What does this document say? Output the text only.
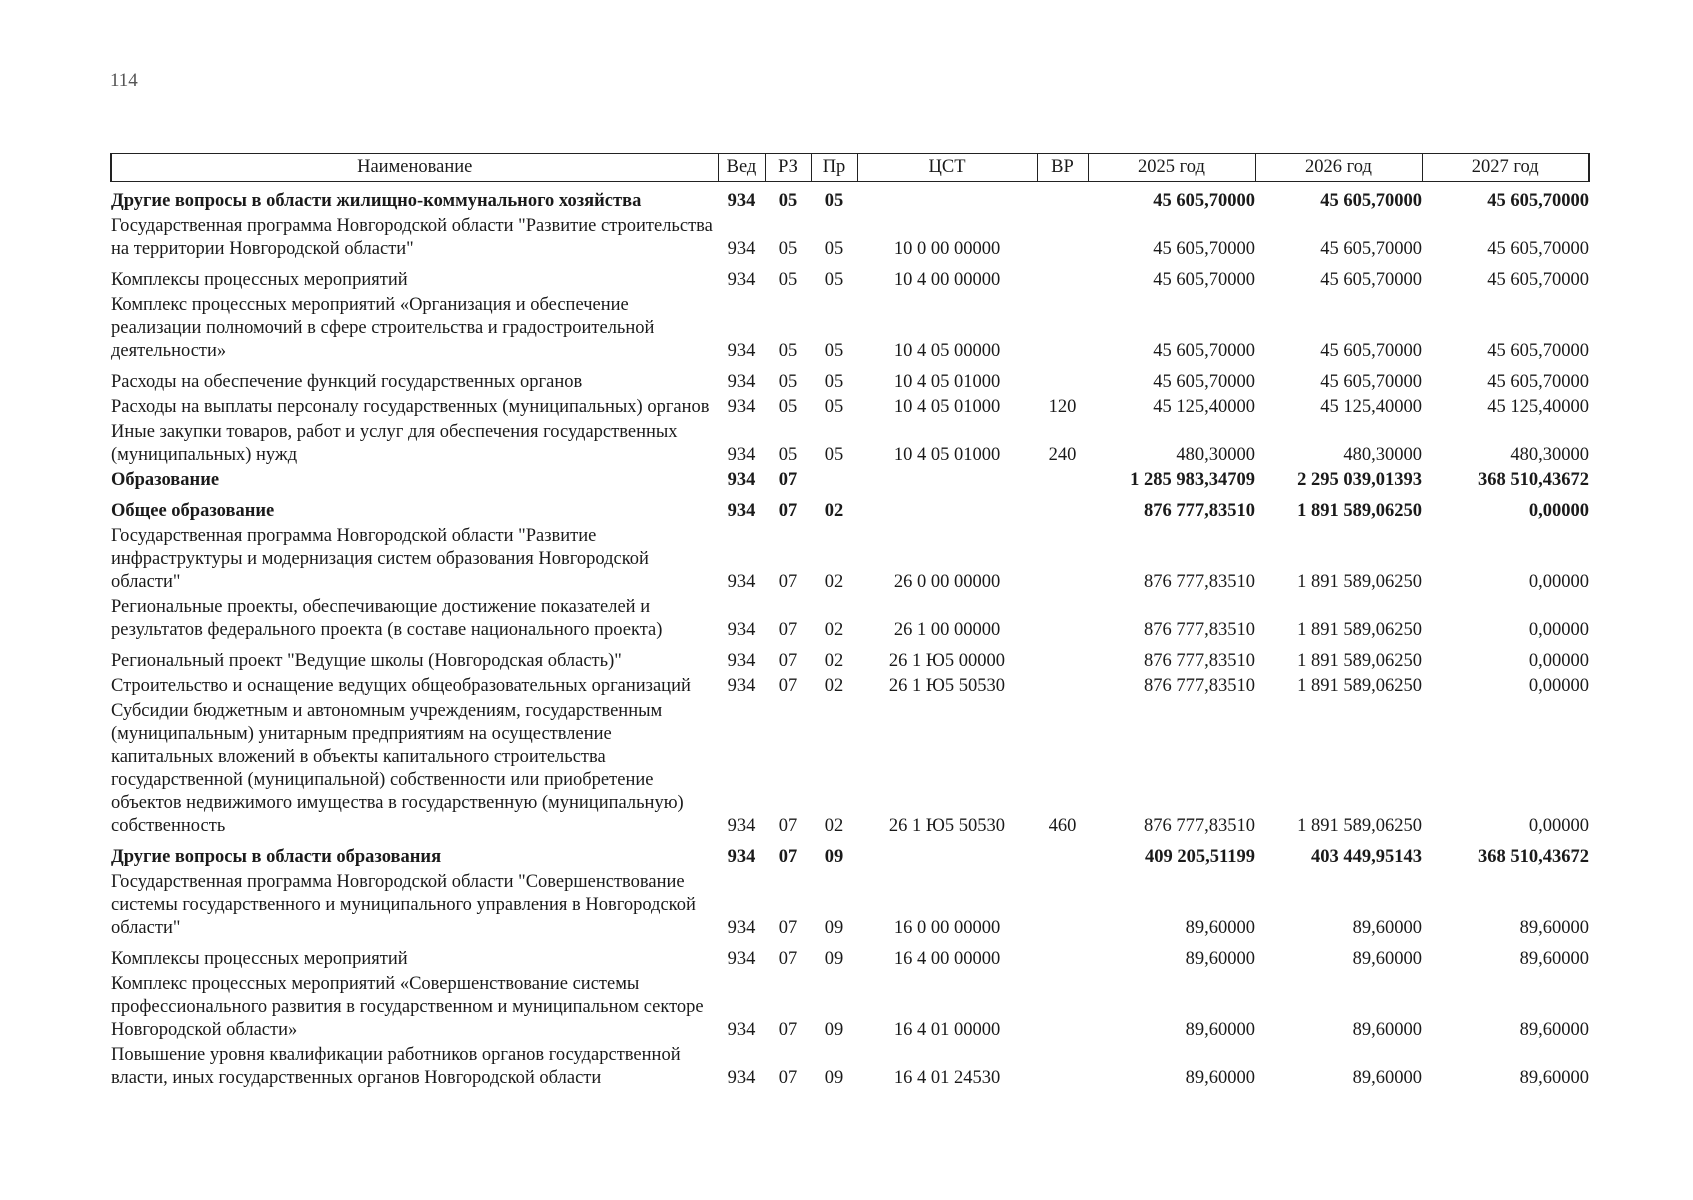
114
Наименование	Вед	РЗ	Пр	ЦСТ	ВР	2025 год	2026 год	2027 год

Другие вопросы в области жилищно-коммунального хозяйства	934	05	05			45 605,70000	45 605,70000	45 605,70000
Государственная программа Новгородской области "Развитие строительства на территории Новгородской области"	934	05	05	10 0 00 00000		45 605,70000	45 605,70000	45 605,70000
Комплексы процессных мероприятий	934	05	05	10 4 00 00000		45 605,70000	45 605,70000	45 605,70000
Комплекс процессных мероприятий «Организация и обеспечение реализации полномочий в сфере строительства и градостроительной деятельности»	934	05	05	10 4 05 00000		45 605,70000	45 605,70000	45 605,70000
Расходы на обеспечение функций государственных органов	934	05	05	10 4 05 01000		45 605,70000	45 605,70000	45 605,70000
Расходы на выплаты персоналу государственных (муниципальных) органов	934	05	05	10 4 05 01000	120	45 125,40000	45 125,40000	45 125,40000
Иные закупки товаров, работ и услуг для обеспечения государственных (муниципальных) нужд	934	05	05	10 4 05 01000	240	480,30000	480,30000	480,30000
Образование	934	07				1 285 983,34709	2 295 039,01393	368 510,43672
Общее образование	934	07	02			876 777,83510	1 891 589,06250	0,00000
Государственная программа Новгородской области "Развитие инфраструктуры и модернизация систем образования Новгородской области"	934	07	02	26 0 00 00000		876 777,83510	1 891 589,06250	0,00000
Региональные проекты, обеспечивающие достижение показателей и результатов федерального проекта (в составе национального проекта)	934	07	02	26 1 00 00000		876 777,83510	1 891 589,06250	0,00000
Региональный проект "Ведущие школы (Новгородская область)"	934	07	02	26 1 Ю5 00000		876 777,83510	1 891 589,06250	0,00000
Строительство и оснащение ведущих общеобразовательных организаций	934	07	02	26 1 Ю5 50530		876 777,83510	1 891 589,06250	0,00000
Субсидии бюджетным и автономным учреждениям, государственным (муниципальным) унитарным предприятиям на осуществление капитальных вложений в объекты капитального строительства государственной (муниципальной) собственности или приобретение объектов недвижимого имущества в государственную (муниципальную) собственность	934	07	02	26 1 Ю5 50530	460	876 777,83510	1 891 589,06250	0,00000
Другие вопросы в области образования	934	07	09			409 205,51199	403 449,95143	368 510,43672
Государственная программа Новгородской области "Совершенствование системы государственного и муниципального управления в Новгородской области"	934	07	09	16 0 00 00000		89,60000	89,60000	89,60000
Комплексы процессных мероприятий	934	07	09	16 4 00 00000		89,60000	89,60000	89,60000
Комплекс процессных мероприятий «Совершенствование системы профессионального развития в государственном и муниципальном секторе Новгородской области»	934	07	09	16 4 01 00000		89,60000	89,60000	89,60000
Повышение уровня квалификации работников органов государственной власти, иных государственных органов Новгородской области	934	07	09	16 4 01 24530		89,60000	89,60000	89,60000
